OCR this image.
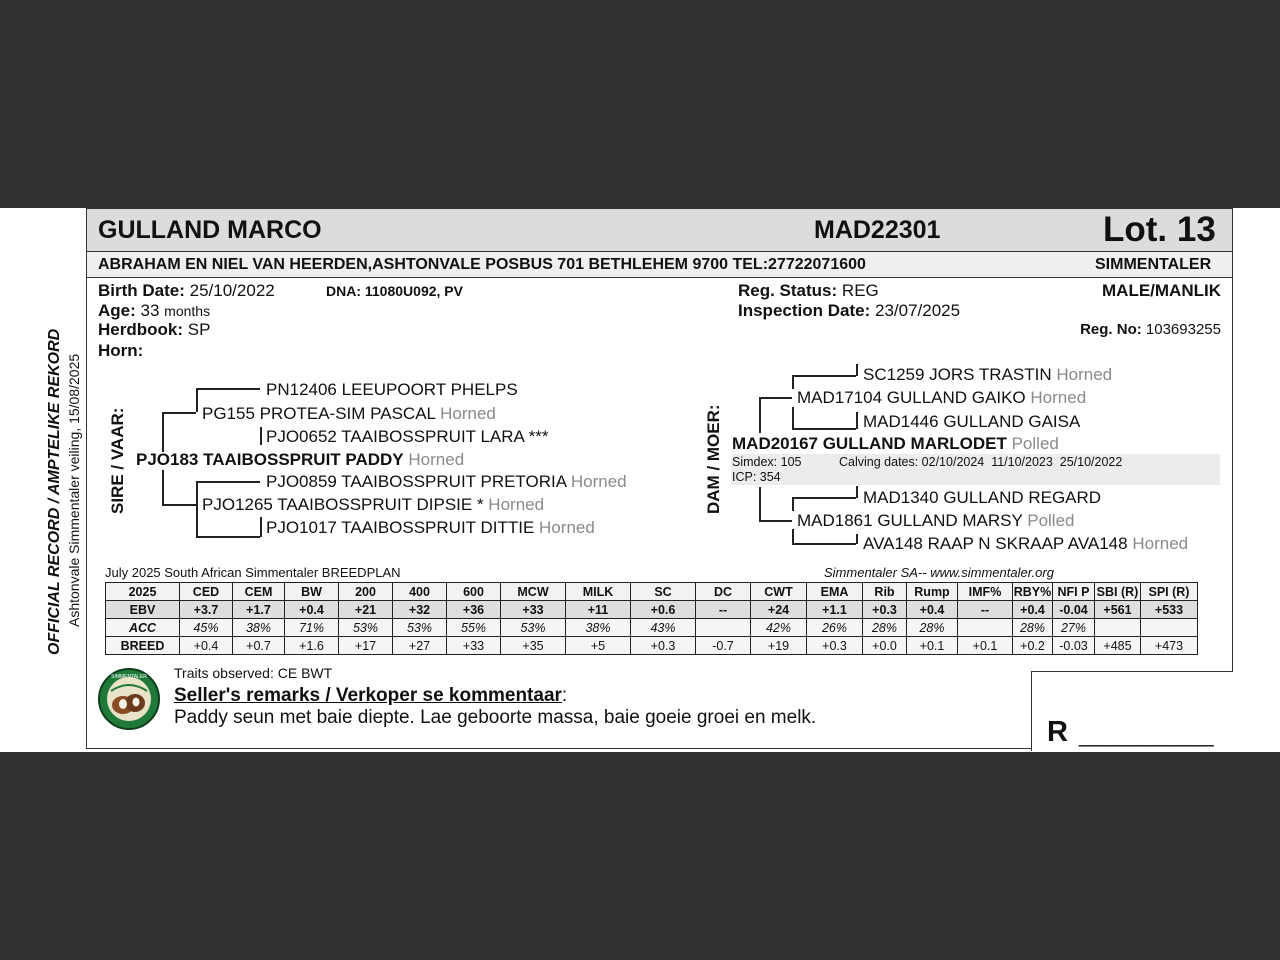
GULLAND MARCO	MAD22301	Lot. 13
ABRAHAM EN NIEL VAN HEERDEN,ASHTONVALE POSBUS 701 BETHLEHEM 9700 TEL:27722071600	SIMMENTALER
Birth Date: 25/10/2022	DNA: 11080U092, PV
Age: 33 months
Herdbook: SP
Horn:
Reg. Status: REG
Inspection Date: 23/07/2025
MALE/MANLIK
Reg. No: 103693255
OFFICIAL RECORD / AMPTELIKE REKORD Ashtonvale Simmentaler veiling, 15/08/2025 SIRE / VAAR:
PN12406 LEEUPOORT PHELPS
PG155 PROTEA-SIM PASCAL Horned
PJO0652 TAAIBOSSPRUIT LARA ***
PJO183 TAAIBOSSPRUIT PADDY Horned
PJO0859 TAAIBOSSPRUIT PRETORIA Horned
PJO1265 TAAIBOSSPRUIT DIPSIE * Horned
PJO1017 TAAIBOSSPRUIT DITTIE Horned
DAM / MOER:
SC1259 JORS TRASTIN Horned
MAD17104 GULLAND GAIKO Horned
MAD1446 GULLAND GAISA
MAD20167 GULLAND MARLODET Polled
Simdex: 105	Calving dates: 02/10/2024  11/10/2023  25/10/2022
ICP: 354
MAD1340 GULLAND REGARD
MAD1861 GULLAND MARSY Polled
AVA148 RAAP N SKRAAP AVA148 Horned
July 2025 South African Simmentaler BREEDPLAN	Simmentaler SA-- www.simmentaler.org
2025	CED	CEM	BW	200	400	600	MCW	MILK	SC	DC	CWT	EMA	Rib	Rump	IMF%	RBY%	NFI P	SBI (R)	SPI (R)
EBV	+3.7	+1.7	+0.4	+21	+32	+36	+33	+11	+0.6	--	+24	+1.1	+0.3	+0.4	--	+0.4	-0.04	+561	+533
ACC	45%	38%	71%	53%	53%	55%	53%	38%	43%		42%	26%	28%	28%		28%	27%		
BREED	+0.4	+0.7	+1.6	+17	+27	+33	+35	+5	+0.3	-0.7	+19	+0.3	+0.0	+0.1	+0.1	+0.2	-0.03	+485	+473
SIMMENTALER Traits observed: CE BWT
Seller's remarks / Verkoper se kommentaar:
Paddy seun met baie diepte. Lae geboorte massa, baie goeie groei en melk.	R ___________
